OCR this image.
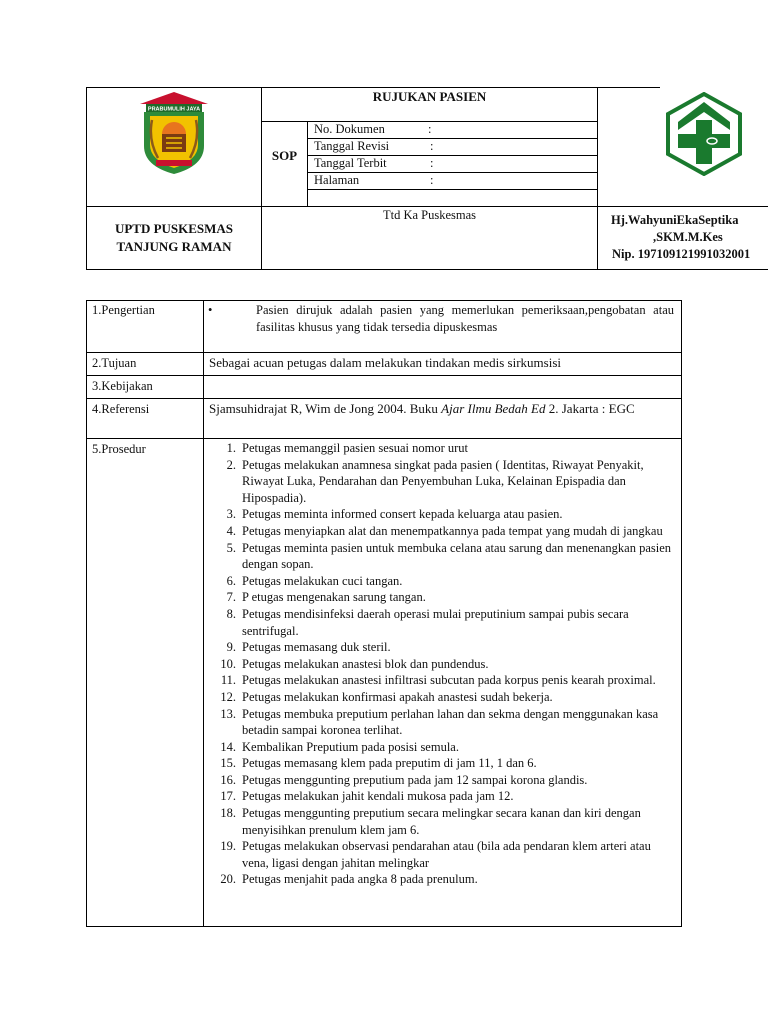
PRABUMULIH JAYA
RUJUKAN PASIEN
SOP
No. Dokumen	:
Tanggal Revisi	:
Tanggal Terbit	:
Halaman	:
UPTD PUSKESMAS
TANJUNG RAMAN
Ttd Ka Puskesmas	Hj.WahyuniEkaSeptika
,SKM.M.Kes
Nip. 197109121991032001
1.Pengertian	•	Pasien dirujuk adalah pasien yang memerlukan pemeriksaan,pengobatan atau fasilitas khusus yang tidak tersedia dipuskesmas
2.Tujuan	Sebagai acuan petugas dalam melakukan tindakan medis sirkumsisi
3.Kebijakan
4.Referensi	Sjamsuhidrajat R, Wim de Jong 2004. Buku Ajar Ilmu Bedah Ed 2. Jakarta : EGC
5.Prosedur	1. Petugas memanggil pasien sesuai nomor urut
2. Petugas melakukan anamnesa singkat pada pasien ( Identitas, Riwayat Penyakit, Riwayat Luka, Pendarahan dan Penyembuhan Luka, Kelainan Epispadia dan Hipospadia).
3. Petugas meminta informed consert kepada keluarga atau pasien.
4. Petugas menyiapkan alat dan menempatkannya pada tempat yang mudah di jangkau
5. Petugas meminta pasien untuk membuka celana atau sarung dan menenangkan pasien dengan sopan.
6. Petugas melakukan cuci tangan.
7. P etugas mengenakan sarung tangan.
8. Petugas mendisinfeksi daerah operasi mulai preputinium sampai pubis secara sentrifugal.
9. Petugas memasang duk steril.
10. Petugas melakukan anastesi blok dan pundendus.
11. Petugas melakukan anastesi infiltrasi subcutan pada korpus penis kearah proximal.
12. Petugas melakukan konfirmasi apakah anastesi sudah bekerja.
13. Petugas membuka preputium perlahan lahan dan sekma dengan menggunakan kasa betadin sampai koronea terlihat.
14. Kembalikan Preputium pada posisi semula.
15. Petugas memasang klem pada preputim di jam 11, 1 dan 6.
16. Petugas menggunting preputium pada jam 12 sampai korona glandis.
17. Petugas melakukan jahit kendali mukosa pada jam 12.
18. Petugas menggunting preputium secara melingkar secara kanan dan kiri dengan menyisihkan prenulum klem jam 6.
19. Petugas melakukan observasi pendarahan atau (bila ada pendaran klem arteri atau vena, ligasi dengan jahitan melingkar
20. Petugas menjahit pada angka 8 pada prenulum.
